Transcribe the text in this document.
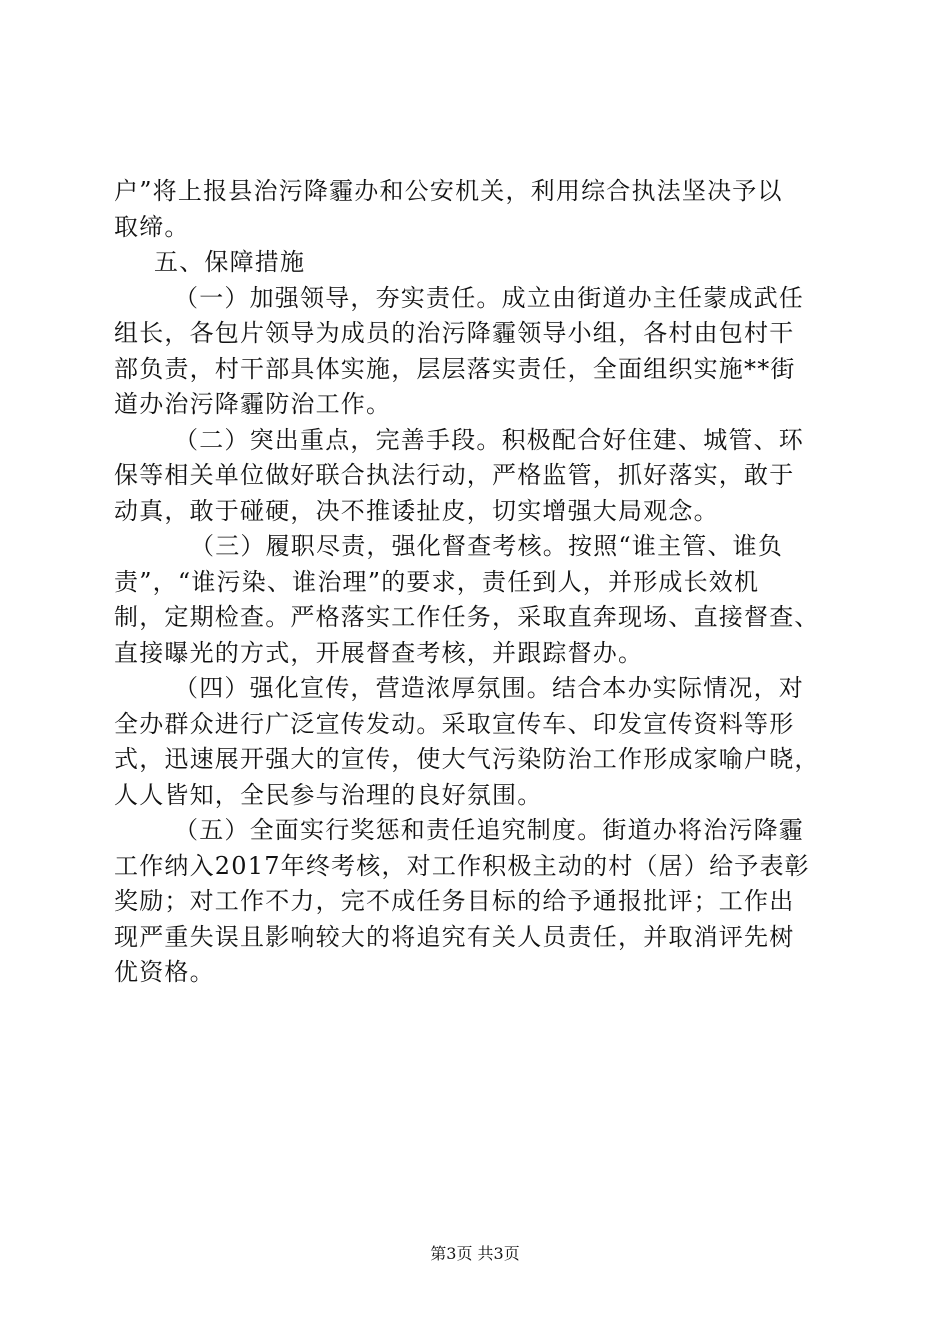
户”将上报县治污降霾办和公安机关，利用综合执法坚决予以
取缔。
五、保障措施
（一）加强领导，夯实责任。成立由街道办主任蒙成武任
组长，各包片领导为成员的治污降霾领导小组，各村由包村干
部负责，村干部具体实施，层层落实责任，全面组织实施**街
道办治污降霾防治工作。
（二）突出重点，完善手段。积极配合好住建、城管、环
保等相关单位做好联合执法行动，严格监管，抓好落实，敢于
动真，敢于碰硬，决不推诿扯皮，切实增强大局观念。
（三）履职尽责，强化督查考核。按照“谁主管、谁负
责”，“谁污染、谁治理”的要求，责任到人，并形成长效机
制，定期检查。严格落实工作任务，采取直奔现场、直接督查、
直接曝光的方式，开展督查考核，并跟踪督办。
（四）强化宣传，营造浓厚氛围。结合本办实际情况，对
全办群众进行广泛宣传发动。采取宣传车、印发宣传资料等形
式，迅速展开强大的宣传，使大气污染防治工作形成家喻户晓，
人人皆知，全民参与治理的良好氛围。
（五）全面实行奖惩和责任追究制度。街道办将治污降霾
工作纳入2017年终考核，对工作积极主动的村（居）给予表彰
奖励；对工作不力，完不成任务目标的给予通报批评；工作出
现严重失误且影响较大的将追究有关人员责任，并取消评先树
优资格。
第3页 共3页
